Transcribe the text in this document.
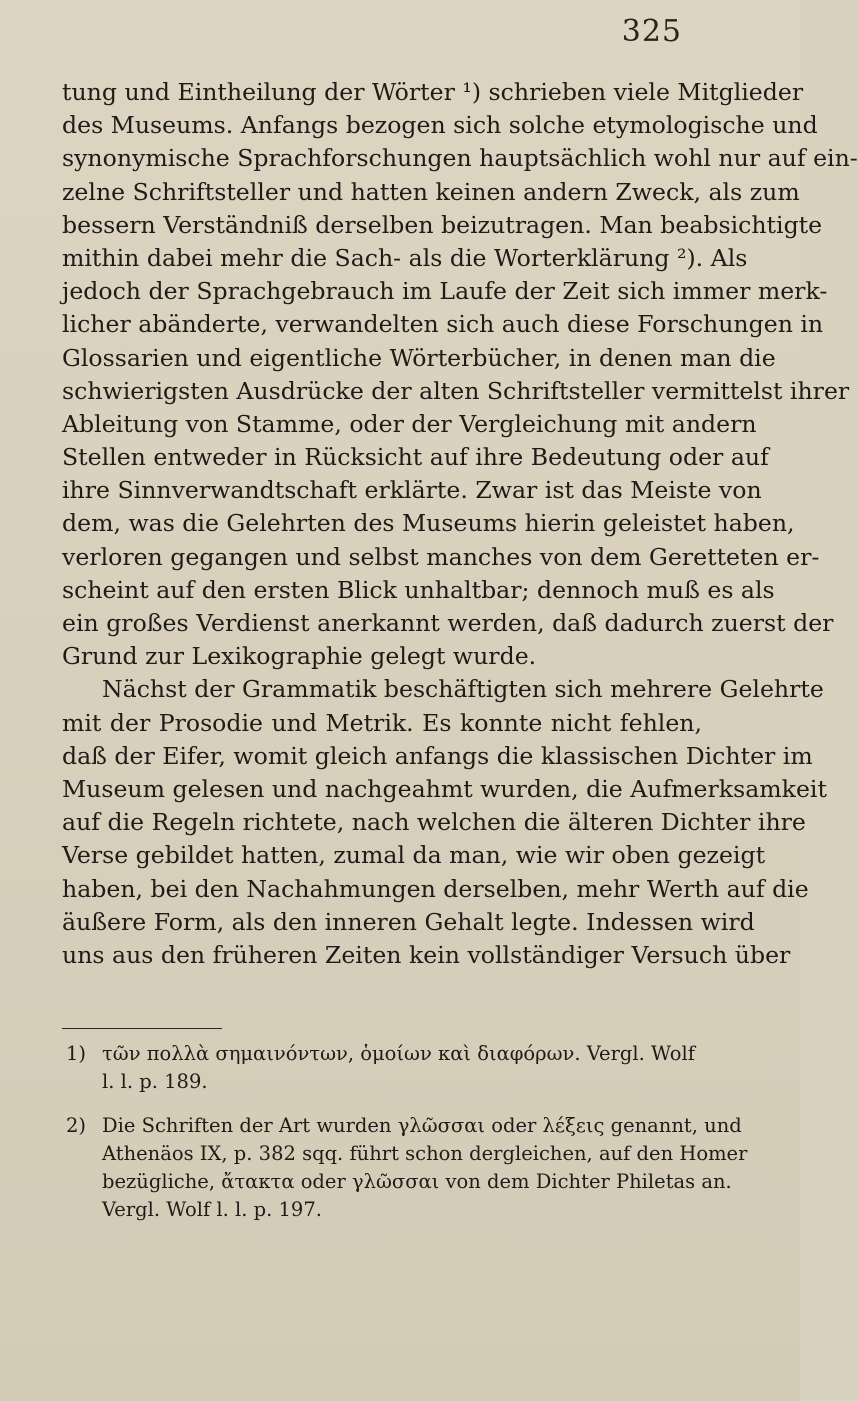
325
tung und Eintheilung der Wörter ¹) schrieben viele Mitglieder
des Museums. Anfangs bezogen sich solche etymologische und
synonymische Sprachforschungen hauptsächlich wohl nur auf ein-
zelne Schriftsteller und hatten keinen andern Zweck, als zum
bessern Verständniß derselben beizutragen. Man beabsichtigte
mithin dabei mehr die Sach- als die Worterklärung ²). Als
jedoch der Sprachgebrauch im Laufe der Zeit sich immer merk-
licher abänderte, verwandelten sich auch diese Forschungen in
Glossarien und eigentliche Wörterbücher, in denen man die
schwierigsten Ausdrücke der alten Schriftsteller vermittelst ihrer
Ableitung von Stamme, oder der Vergleichung mit andern
Stellen entweder in Rücksicht auf ihre Bedeutung oder auf
ihre Sinnverwandtschaft erklärte. Zwar ist das Meiste von
dem, was die Gelehrten des Museums hierin geleistet haben,
verloren gegangen und selbst manches von dem Geretteten er-
scheint auf den ersten Blick unhaltbar; dennoch muß es als
ein großes Verdienst anerkannt werden, daß dadurch zuerst der
Grund zur Lexikographie gelegt wurde.
Nächst der Grammatik beschäftigten sich mehrere Gelehrte
mit der Prosodie und Metrik. Es konnte nicht fehlen,
daß der Eifer, womit gleich anfangs die klassischen Dichter im
Museum gelesen und nachgeahmt wurden, die Aufmerksamkeit
auf die Regeln richtete, nach welchen die älteren Dichter ihre
Verse gebildet hatten, zumal da man, wie wir oben gezeigt
haben, bei den Nachahmungen derselben, mehr Werth auf die
äußere Form, als den inneren Gehalt legte. Indessen wird
uns aus den früheren Zeiten kein vollständiger Versuch über
1) τῶν πολλὰ σημαινόντων, ὁμοίων καὶ διαφόρων. Vergl. Wolf
l. l. p. 189.
2) Die Schriften der Art wurden γλῶσσαι oder λέξεις genannt, und
Athenäos IX, p. 382 sqq. führt schon dergleichen, auf den Homer
bezügliche, ἄτακτα oder γλῶσσαι von dem Dichter Philetas an.
Vergl. Wolf l. l. p. 197.
